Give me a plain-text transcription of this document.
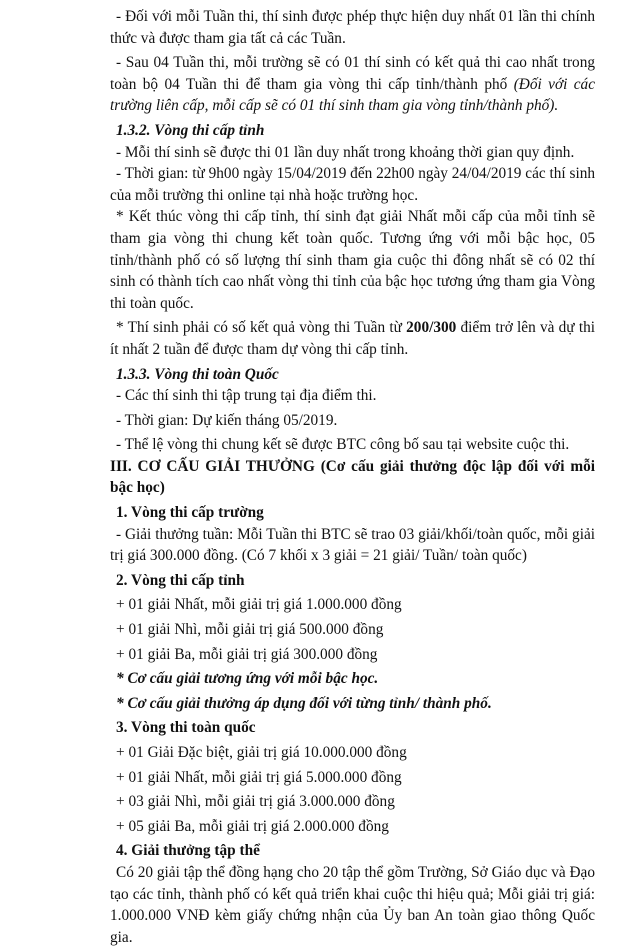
- Đối với mỗi Tuần thi, thí sinh được phép thực hiện duy nhất 01 lần thi chính thức và được tham gia tất cả các Tuần.

- Sau 04 Tuần thi, mỗi trường sẽ có 01 thí sinh có kết quả thi cao nhất trong toàn bộ 04 Tuần thi để tham gia vòng thi cấp tỉnh/thành phố (Đối với các trường liên cấp, mỗi cấp sẽ có 01 thí sinh tham gia vòng tỉnh/thành phố).

1.3.2. Vòng thi cấp tỉnh

- Mỗi thí sinh sẽ được thi 01 lần duy nhất trong khoảng thời gian quy định.

- Thời gian: từ 9h00 ngày 15/04/2019 đến 22h00 ngày 24/04/2019 các thí sinh của mỗi trường thi online tại nhà hoặc trường học.

* Kết thúc vòng thi cấp tỉnh, thí sinh đạt giải Nhất mỗi cấp của mỗi tỉnh sẽ tham gia vòng thi chung kết toàn quốc. Tương ứng với mỗi bậc học, 05 tỉnh/thành phố có số lượng thí sinh tham gia cuộc thi đông nhất sẽ có 02 thí sinh có thành tích cao nhất vòng thi tỉnh của bậc học tương ứng tham gia Vòng thi toàn quốc.

* Thí sinh phải có số kết quả vòng thi Tuần từ 200/300 điểm trở lên và dự thi ít nhất 2 tuần để được tham dự vòng thi cấp tỉnh.

1.3.3. Vòng thi toàn Quốc

- Các thí sinh thi tập trung tại địa điểm thi.

- Thời gian: Dự kiến tháng 05/2019.

- Thể lệ vòng thi chung kết sẽ được BTC công bố sau tại website cuộc thi.

III. CƠ CẤU GIẢI THƯỞNG (Cơ cấu giải thưởng độc lập đối với mỗi bậc học)

1. Vòng thi cấp trường

- Giải thưởng tuần: Mỗi Tuần thi BTC sẽ trao 03 giải/khối/toàn quốc, mỗi giải trị giá 300.000 đồng. (Có 7 khối x 3 giải = 21 giải/ Tuần/ toàn quốc)

2. Vòng thi cấp tỉnh

+ 01 giải Nhất, mỗi giải trị giá 1.000.000 đồng

+ 01 giải Nhì, mỗi giải trị giá 500.000 đồng

+ 01 giải Ba, mỗi giải trị giá 300.000 đồng

* Cơ cấu giải tương ứng với mỗi bậc học.

* Cơ cấu giải thưởng áp dụng đối với từng tỉnh/ thành phố.

3. Vòng thi toàn quốc

+ 01 Giải Đặc biệt, giải trị giá 10.000.000 đồng

+ 01 giải Nhất, mỗi giải trị giá 5.000.000 đồng

+ 03 giải Nhì, mỗi giải trị giá 3.000.000 đồng

+ 05 giải Ba, mỗi giải trị giá 2.000.000 đồng

4. Giải thưởng tập thể

Có 20 giải tập thể đồng hạng cho 20 tập thể gồm Trường, Sở Giáo dục và Đạo tạo các tỉnh, thành phố có kết quả triển khai cuộc thi hiệu quả; Mỗi giải trị giá: 1.000.000 VNĐ kèm giấy chứng nhận của Ủy ban An toàn giao thông Quốc gia.
